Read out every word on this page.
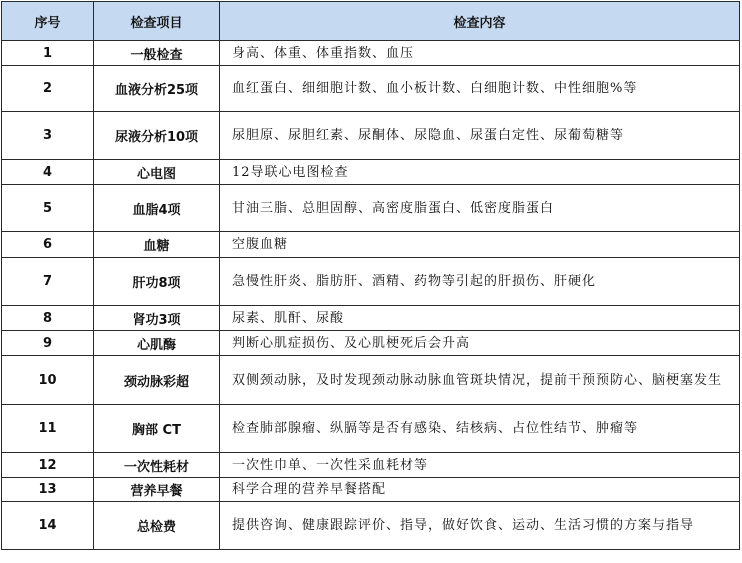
序号	检查项目	检查内容
1	一般检查	身高、体重、体重指数、血压
2	血液分析25项	血红蛋白、细细胞计数、血小板计数、白细胞计数、中性细胞%等
3	尿液分析10项	尿胆原、尿胆红素、尿酮体、尿隐血、尿蛋白定性、尿葡萄糖等
4	心电图	12导联心电图检查
5	血脂4项	甘油三脂、总胆固醇、高密度脂蛋白、低密度脂蛋白
6	血糖	空腹血糖
7	肝功8项	急慢性肝炎、脂肪肝、酒精、药物等引起的肝损伤、肝硬化
8	肾功3项	尿素、肌酐、尿酸
9	心肌酶	判断心肌症损伤、及心肌梗死后会升高
10	颈动脉彩超	双侧颈动脉，及时发现颈动脉动脉血管斑块情况，提前干预预防心、脑梗塞发生
11	胸部 CT	检查肺部腺瘤、纵膈等是否有感染、结核病、占位性结节、肿瘤等
12	一次性耗材	一次性巾单、一次性采血耗材等
13	营养早餐	科学合理的营养早餐搭配
14	总检费	提供咨询、健康跟踪评价、指导，做好饮食、运动、生活习惯的方案与指导
